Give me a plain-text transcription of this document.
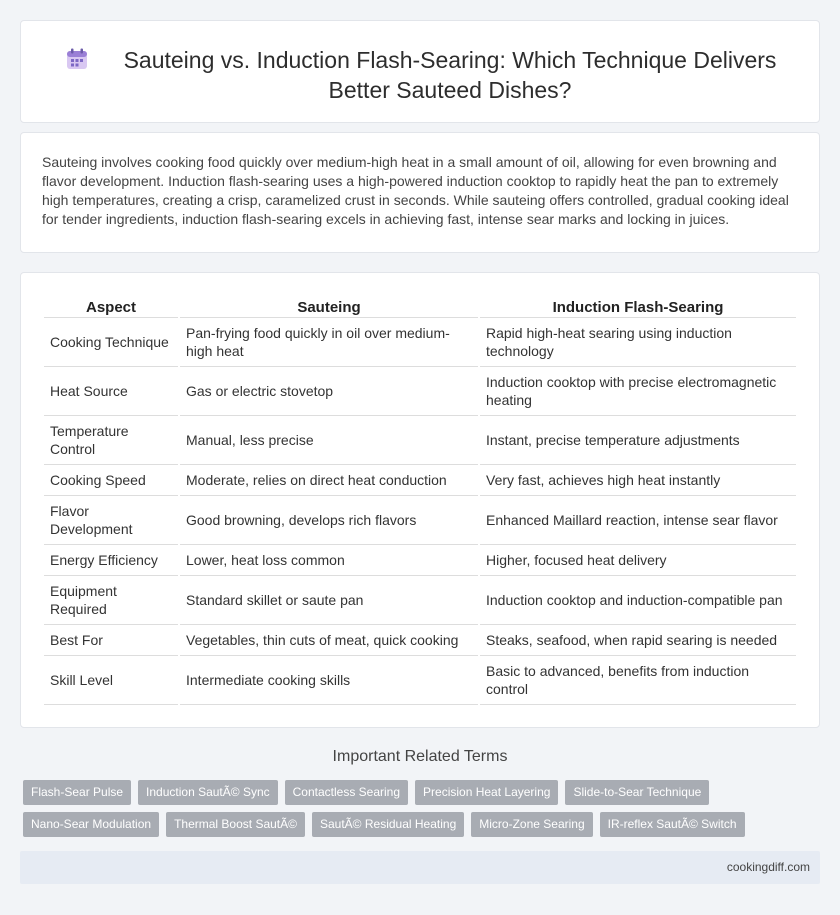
Sauteing vs. Induction Flash-Searing: Which Technique Delivers Better Sauteed Dishes?

Sauteing involves cooking food quickly over medium-high heat in a small amount of oil, allowing for even browning and flavor development. Induction flash-searing uses a high-powered induction cooktop to rapidly heat the pan to extremely high temperatures, creating a crisp, caramelized crust in seconds. While sauteing offers controlled, gradual cooking ideal for tender ingredients, induction flash-searing excels in achieving fast, intense sear marks and locking in juices.

Aspect	Sauteing	Induction Flash-Searing
Cooking Technique	Pan-frying food quickly in oil over medium-high heat	Rapid high-heat searing using induction technology
Heat Source	Gas or electric stovetop	Induction cooktop with precise electromagnetic heating
Temperature Control	Manual, less precise	Instant, precise temperature adjustments
Cooking Speed	Moderate, relies on direct heat conduction	Very fast, achieves high heat instantly
Flavor Development	Good browning, develops rich flavors	Enhanced Maillard reaction, intense sear flavor
Energy Efficiency	Lower, heat loss common	Higher, focused heat delivery
Equipment Required	Standard skillet or saute pan	Induction cooktop and induction-compatible pan
Best For	Vegetables, thin cuts of meat, quick cooking	Steaks, seafood, when rapid searing is needed
Skill Level	Intermediate cooking skills	Basic to advanced, benefits from induction control
Important Related Terms
Flash-Sear Pulse	Induction SautÃ© Sync	Contactless Searing	Precision Heat Layering	Slide-to-Sear Technique
Nano-Sear Modulation	Thermal Boost SautÃ©	SautÃ© Residual Heating	Micro-Zone Searing	IR-reflex SautÃ© Switch
cookingdiff.com
